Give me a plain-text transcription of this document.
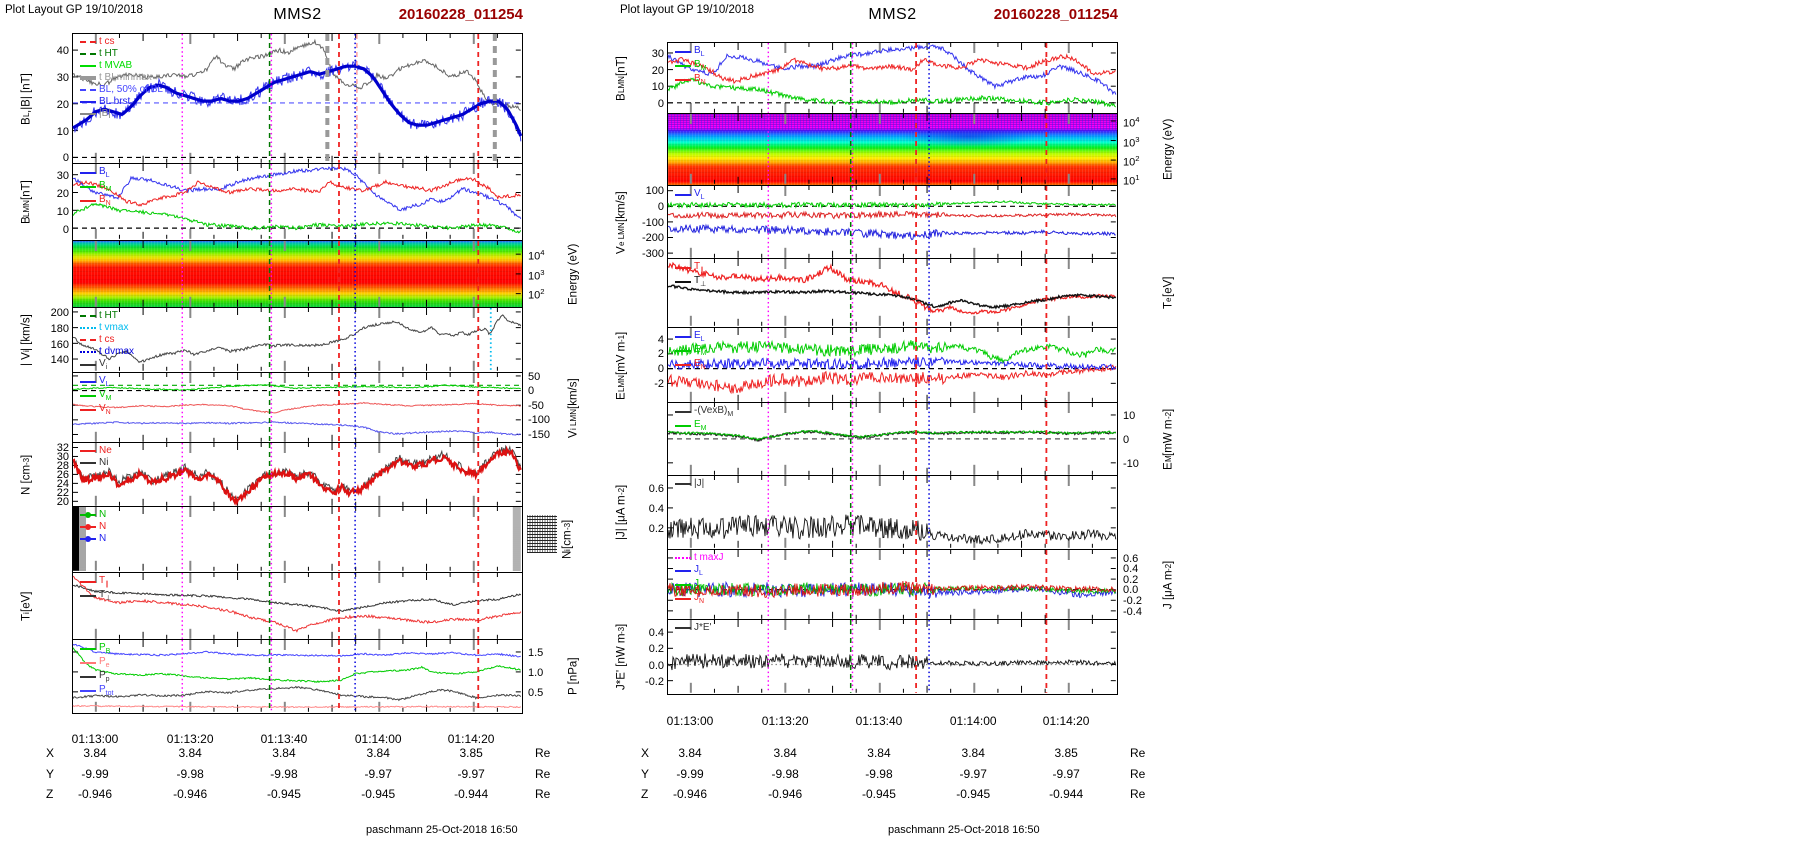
Plot Layout GP 19/10/2018	Plot layout GP 19/10/2018
MMS2	MMS2
20160228_011254	20160228_011254
0
10
20
30
40
B
L
,|B| [nT]
t cs
t HT
t MVAB
t BLminmax
BL, 50% of BL
BL brst
|B|
0
10
20
30
B
LMN
[nT]
$B_L$
$B_M$
$B_N$
$10^4$
$10^3$
$10^2$	Energy (eV)
140
160
180
200
| V
i
| [km/s]	t HT
t vmax
t cs
t dvmax
$V_i$
50
0
-50
-100
-150	V
i LMN
[km/s]
$V_L$
$V_M$
$V_N$
20
22
24
26
28
30
32
N [cm
-3
]
Ne
Ni
N
i
[cm
-3
]
N
N
N
T
i
[eV]
$T_\parallel$
$T_\perp$
0.5
1.0
1.5
P [nPa]
$P_B$
$P_e$
$P_p$
$P_{tot}$
01:13:00	01:13:20	01:13:40	01:14:00	01:14:20
X 3.84	3.84	3.84	3.84	3.85	Re
Y -9.99	-9.98	-9.98	-9.97	-9.97	Re
Z -0.946	-0.946	-0.945	-0.945	-0.944	Re
0
10
20
30
B
LMN
[nT]
$B_L$
$B_M$
$B_N$
$10^4$
$10^3$
$10^2$
$10^1$	Energy (eV)
100
0
-100
-200
-300
V
e LMN
[km/s]	$V_L$
T
e
[eV]
$T_\parallel$
$T_\perp$
4
2
0
-2
E
LMN
[mV m
-1
]	$E_L$
$E_M$
$E_N$
10
0
-10	E
M
[mW m
-2
]
$-(VexB)_M$
$E_M$
0.2
0.4
0.6
|J| [μA m
-2
]	|J|
0.6
0.4
0.2
0.0
-0.2
-0.4
J [μA m
-2
]
t maxJ
$J_L$
$J_M$
$J_N$
0.4
0.2
0.0
-0.2
J*E' [nW m
-3
]	J*E'
01:13:00	01:13:20	01:13:40	01:14:00	01:14:20
X 3.84	3.84	3.84	3.84	3.85	Re
Y -9.99	-9.98	-9.98	-9.97	-9.97	Re
Z -0.946	-0.946	-0.945	-0.945	-0.944	Re
paschmann 25-Oct-2018 16:50	paschmann 25-Oct-2018 16:50
